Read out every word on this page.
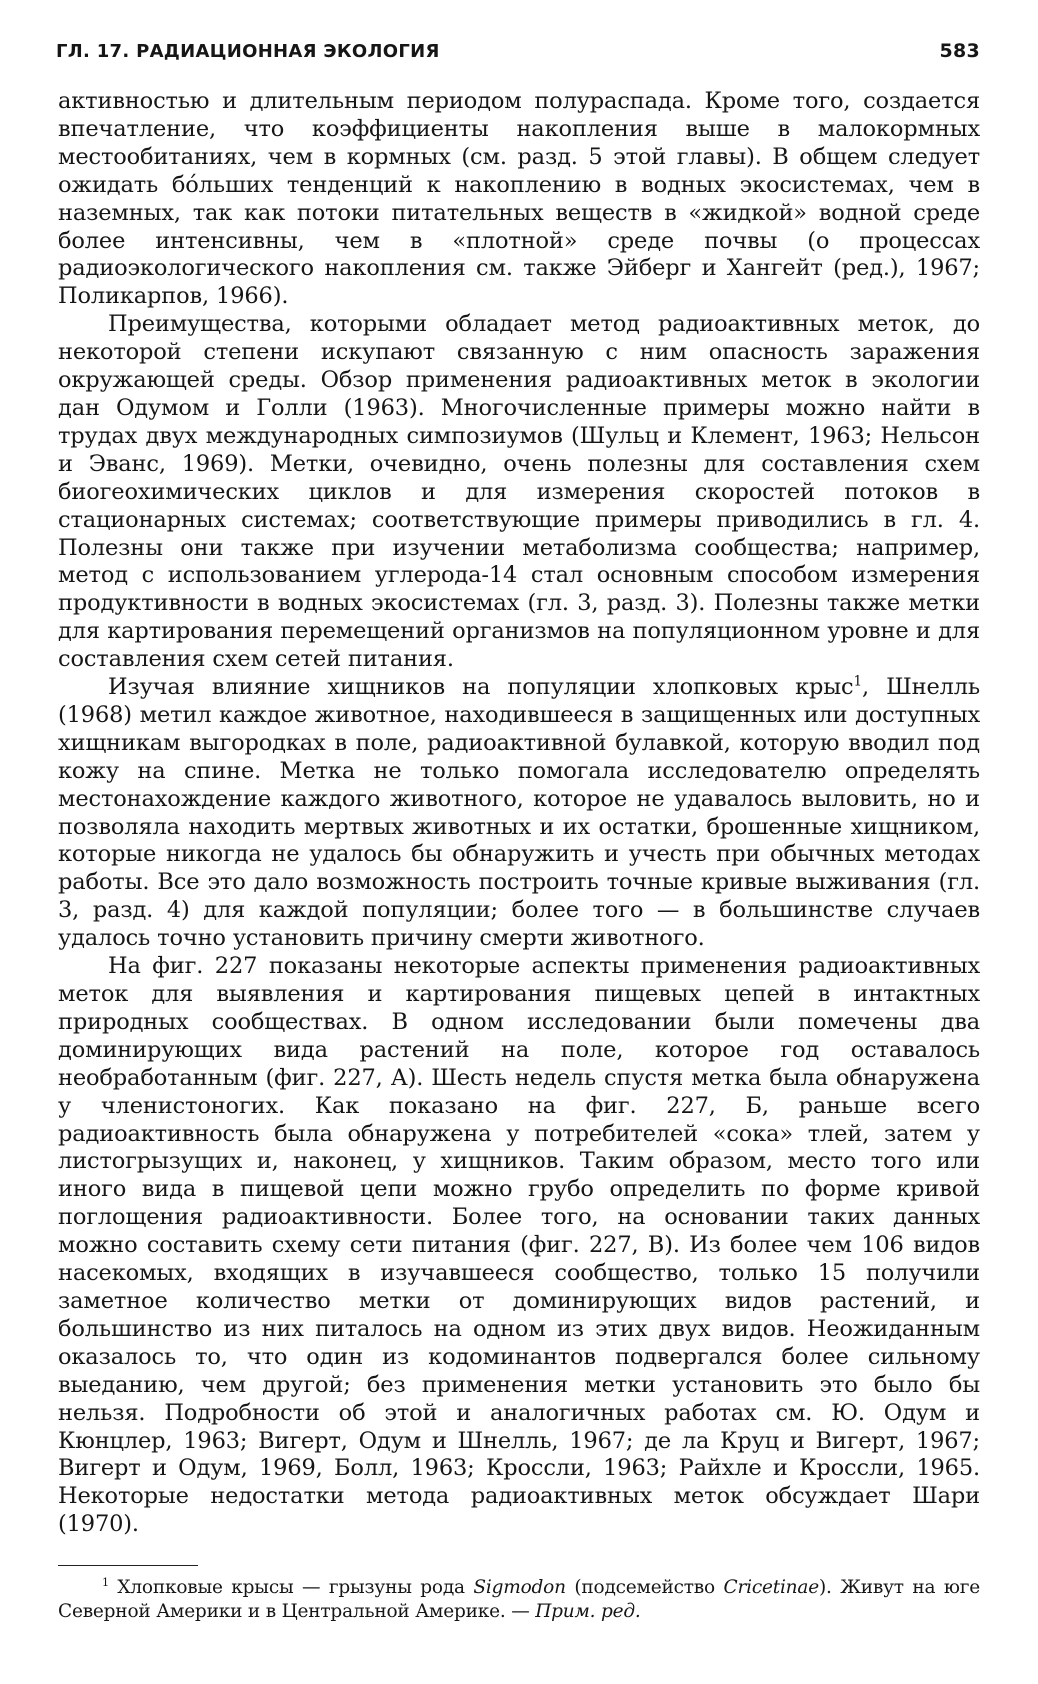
ГЛ. 17. РАДИАЦИОННАЯ ЭКОЛОГИЯ	583

активностью и длительным периодом полураспада. Кроме того, создается впечатление, что коэффициенты накопления выше в малокормных местообитаниях, чем в кормных (см. разд. 5 этой главы). В общем следует ожидать бо́льших тенденций к накоплению в водных экосистемах, чем в наземных, так как потоки питательных веществ в «жидкой» водной среде более интенсивны, чем в «плотной» среде почвы (о процессах радиоэкологического накопления см. также Эйберг и Хангейт (ред.), 1967; Поликарпов, 1966).

Преимущества, которыми обладает метод радиоактивных меток, до некоторой степени искупают связанную с ним опасность заражения окружающей среды. Обзор применения радиоактивных меток в экологии дан Одумом и Голли (1963). Многочисленные примеры можно найти в трудах двух международных симпозиумов (Шульц и Клемент, 1963; Нельсон и Эванс, 1969). Метки, очевидно, очень полезны для составления схем биогеохимических циклов и для измерения скоростей потоков в стационарных системах; соответствующие примеры приводились в гл. 4. Полезны они также при изучении метаболизма сообщества; например, метод с использованием углерода-14 стал основным способом измерения продуктивности в водных экосистемах (гл. 3, разд. 3). Полезны также метки для картирования перемещений организмов на популяционном уровне и для составления схем сетей питания.

Изучая влияние хищников на популяции хлопковых крыс$^1$, Шнелль (1968) метил каждое животное, находившееся в защищенных или доступных хищникам выгородках в поле, радиоактивной булавкой, которую вводил под кожу на спине. Метка не только помогала исследователю определять местонахождение каждого животного, которое не удавалось выловить, но и позволяла находить мертвых животных и их остатки, брошенные хищником, которые никогда не удалось бы обнаружить и учесть при обычных методах работы. Все это дало возможность построить точные кривые выживания (гл. 3, разд. 4) для каждой популяции; более того — в большинстве случаев удалось точно установить причину смерти животного.

На фиг. 227 показаны некоторые аспекты применения радиоактивных меток для выявления и картирования пищевых цепей в интактных природных сообществах. В одном исследовании были помечены два доминирующих вида растений на поле, которое год оставалось необработанным (фиг. 227, А). Шесть недель спустя метка была обнаружена у членистоногих. Как показано на фиг. 227, Б, раньше всего радиоактивность была обнаружена у потребителей «сока» тлей, затем у листогрызущих и, наконец, у хищников. Таким образом, место того или иного вида в пищевой цепи можно грубо определить по форме кривой поглощения радиоактивности. Более того, на основании таких данных можно составить схему сети питания (фиг. 227, В). Из более чем 106 видов насекомых, входящих в изучавшееся сообщество, только 15 получили заметное количество метки от доминирующих видов растений, и большинство из них питалось на одном из этих двух видов. Неожиданным оказалось то, что один из кодоминантов подвергался более сильному выеданию, чем другой; без применения метки установить это было бы нельзя. Подробности об этой и аналогичных работах см. Ю. Одум и Кюнцлер, 1963; Вигерт, Одум и Шнелль, 1967; де ла Круц и Вигерт, 1967; Вигерт и Одум, 1969, Болл, 1963; Кроссли, 1963; Райхле и Кроссли, 1965. Некоторые недостатки метода радиоактивных меток обсуждает Шари (1970).

$^1$ Хлопковые крысы — грызуны рода Sigmodon (подсемейство Cricetinae). Живут на юге Северной Америки и в Центральной Америке. — Прим. ред.
